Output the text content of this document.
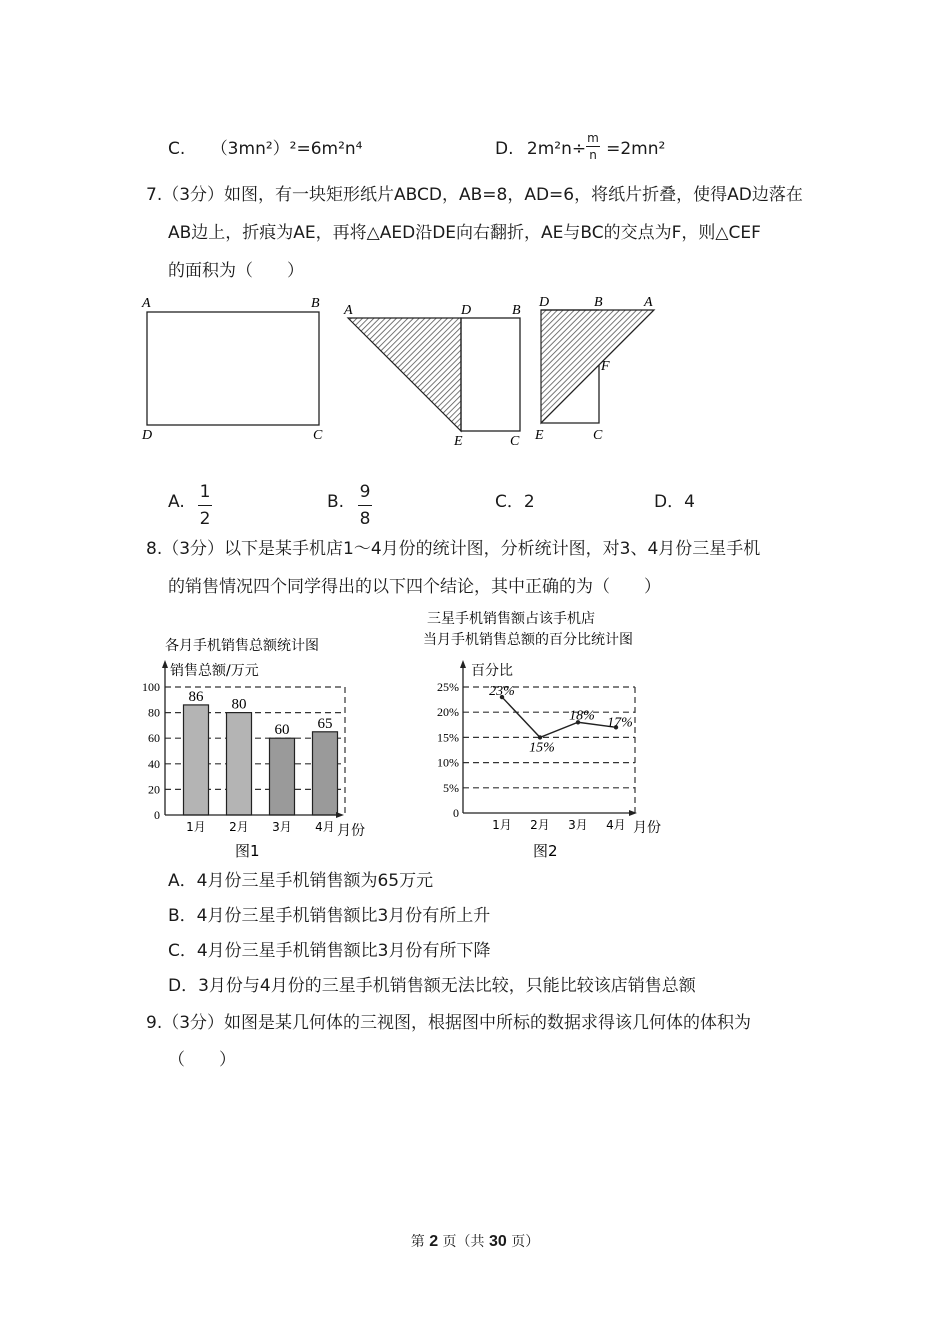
C. （3mn²）²=6m²n⁴	D. 2m²n÷ =2mn²
m
n
7.（3分）如图，有一块矩形纸片ABCD，AB=8，AD=6，将纸片折叠，使得AD边落在
AB边上，折痕为AE，再将△AED沿DE向右翻折，AE与BC的交点为F，则△CEF
的面积为（　　）
A	B
D	C
A	D	B
E	C
D	B	A
F
E	C
A. 1
2
B. 9
8
C．2	D．4
8.（3分）以下是某手机店1～4月份的统计图，分析统计图，对3、4月份三星手机
的销售情况四个同学得出的以下四个结论，其中正确的为（　　）
各月手机销售总额统计图
销售总额/万元
月份
图1
0
20
40
60
80
100
86
1月
80
2月
60
3月
65
4月
三星手机销售额占该手机店
当月手机销售总额的百分比统计图
百分比
月份
图2
0
5%
10%
15%
20%
25% 23%
1月
15%
2月
18%
3月
17%
4月
A．4月份三星手机销售额为65万元
B．4月份三星手机销售额比3月份有所上升
C．4月份三星手机销售额比3月份有所下降
D．3月份与4月份的三星手机销售额无法比较，只能比较该店销售总额
9.（3分）如图是某几何体的三视图，根据图中所标的数据求得该几何体的体积为
（　　）
第 2 页（共 30 页）
